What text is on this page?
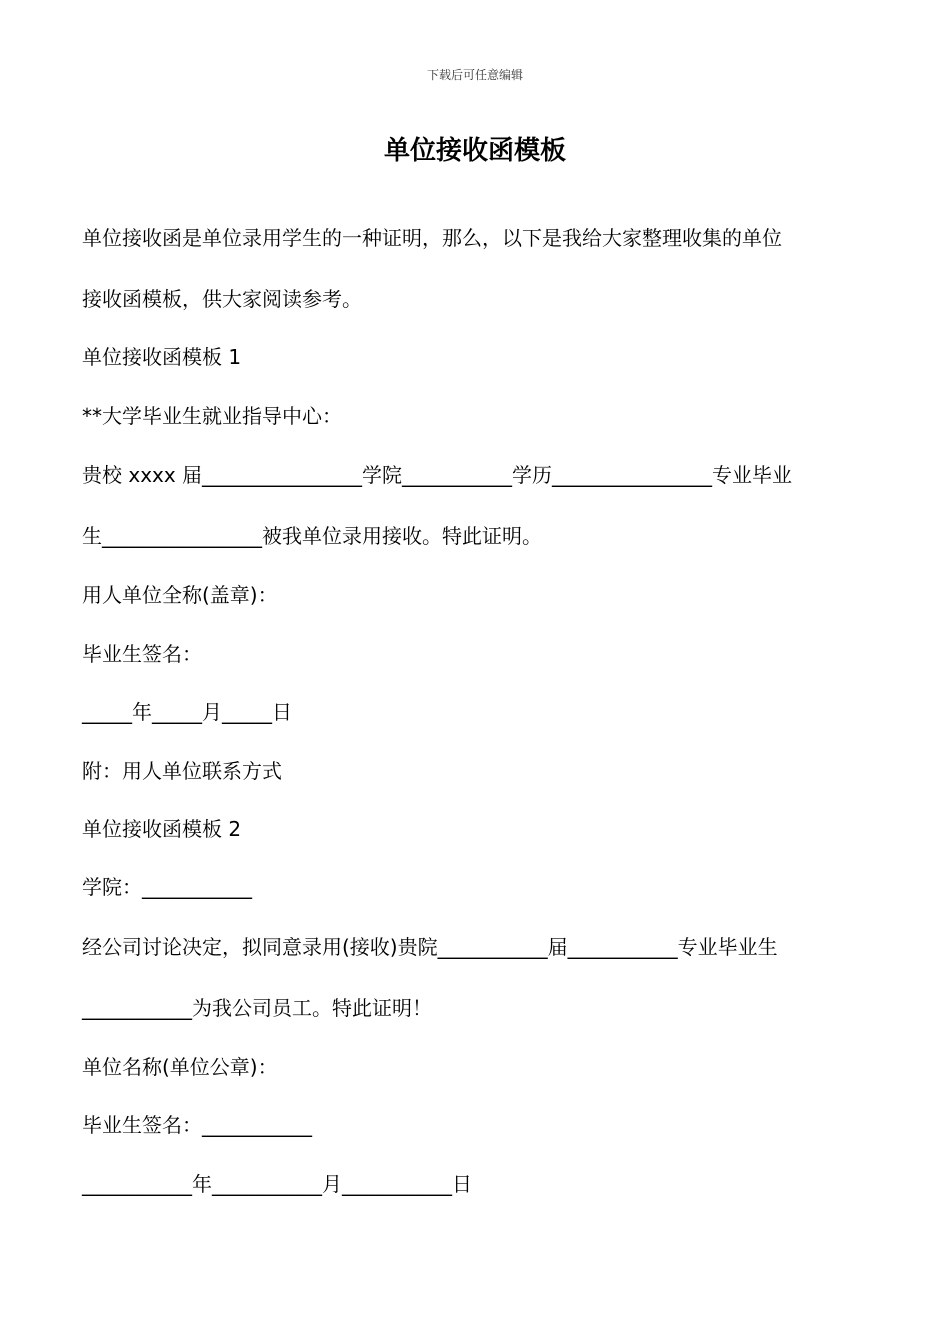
下载后可任意编辑
单位接收函模板

单位接收函是单位录用学生的一种证明，那么，以下是我给大家整理收集的单位

接收函模板，供大家阅读参考。

单位接收函模板 1

**大学毕业生就业指导中心：

贵校 xxxx 届________________学院___________学历________________专业毕业

生________________被我单位录用接收。特此证明。

用人单位全称(盖章)：

毕业生签名：

_____年_____月_____日

附：用人单位联系方式

单位接收函模板 2

学院：___________

经公司讨论决定，拟同意录用(接收)贵院___________届___________专业毕业生

___________为我公司员工。特此证明！

单位名称(单位公章)：

毕业生签名：___________

___________年___________月___________日
